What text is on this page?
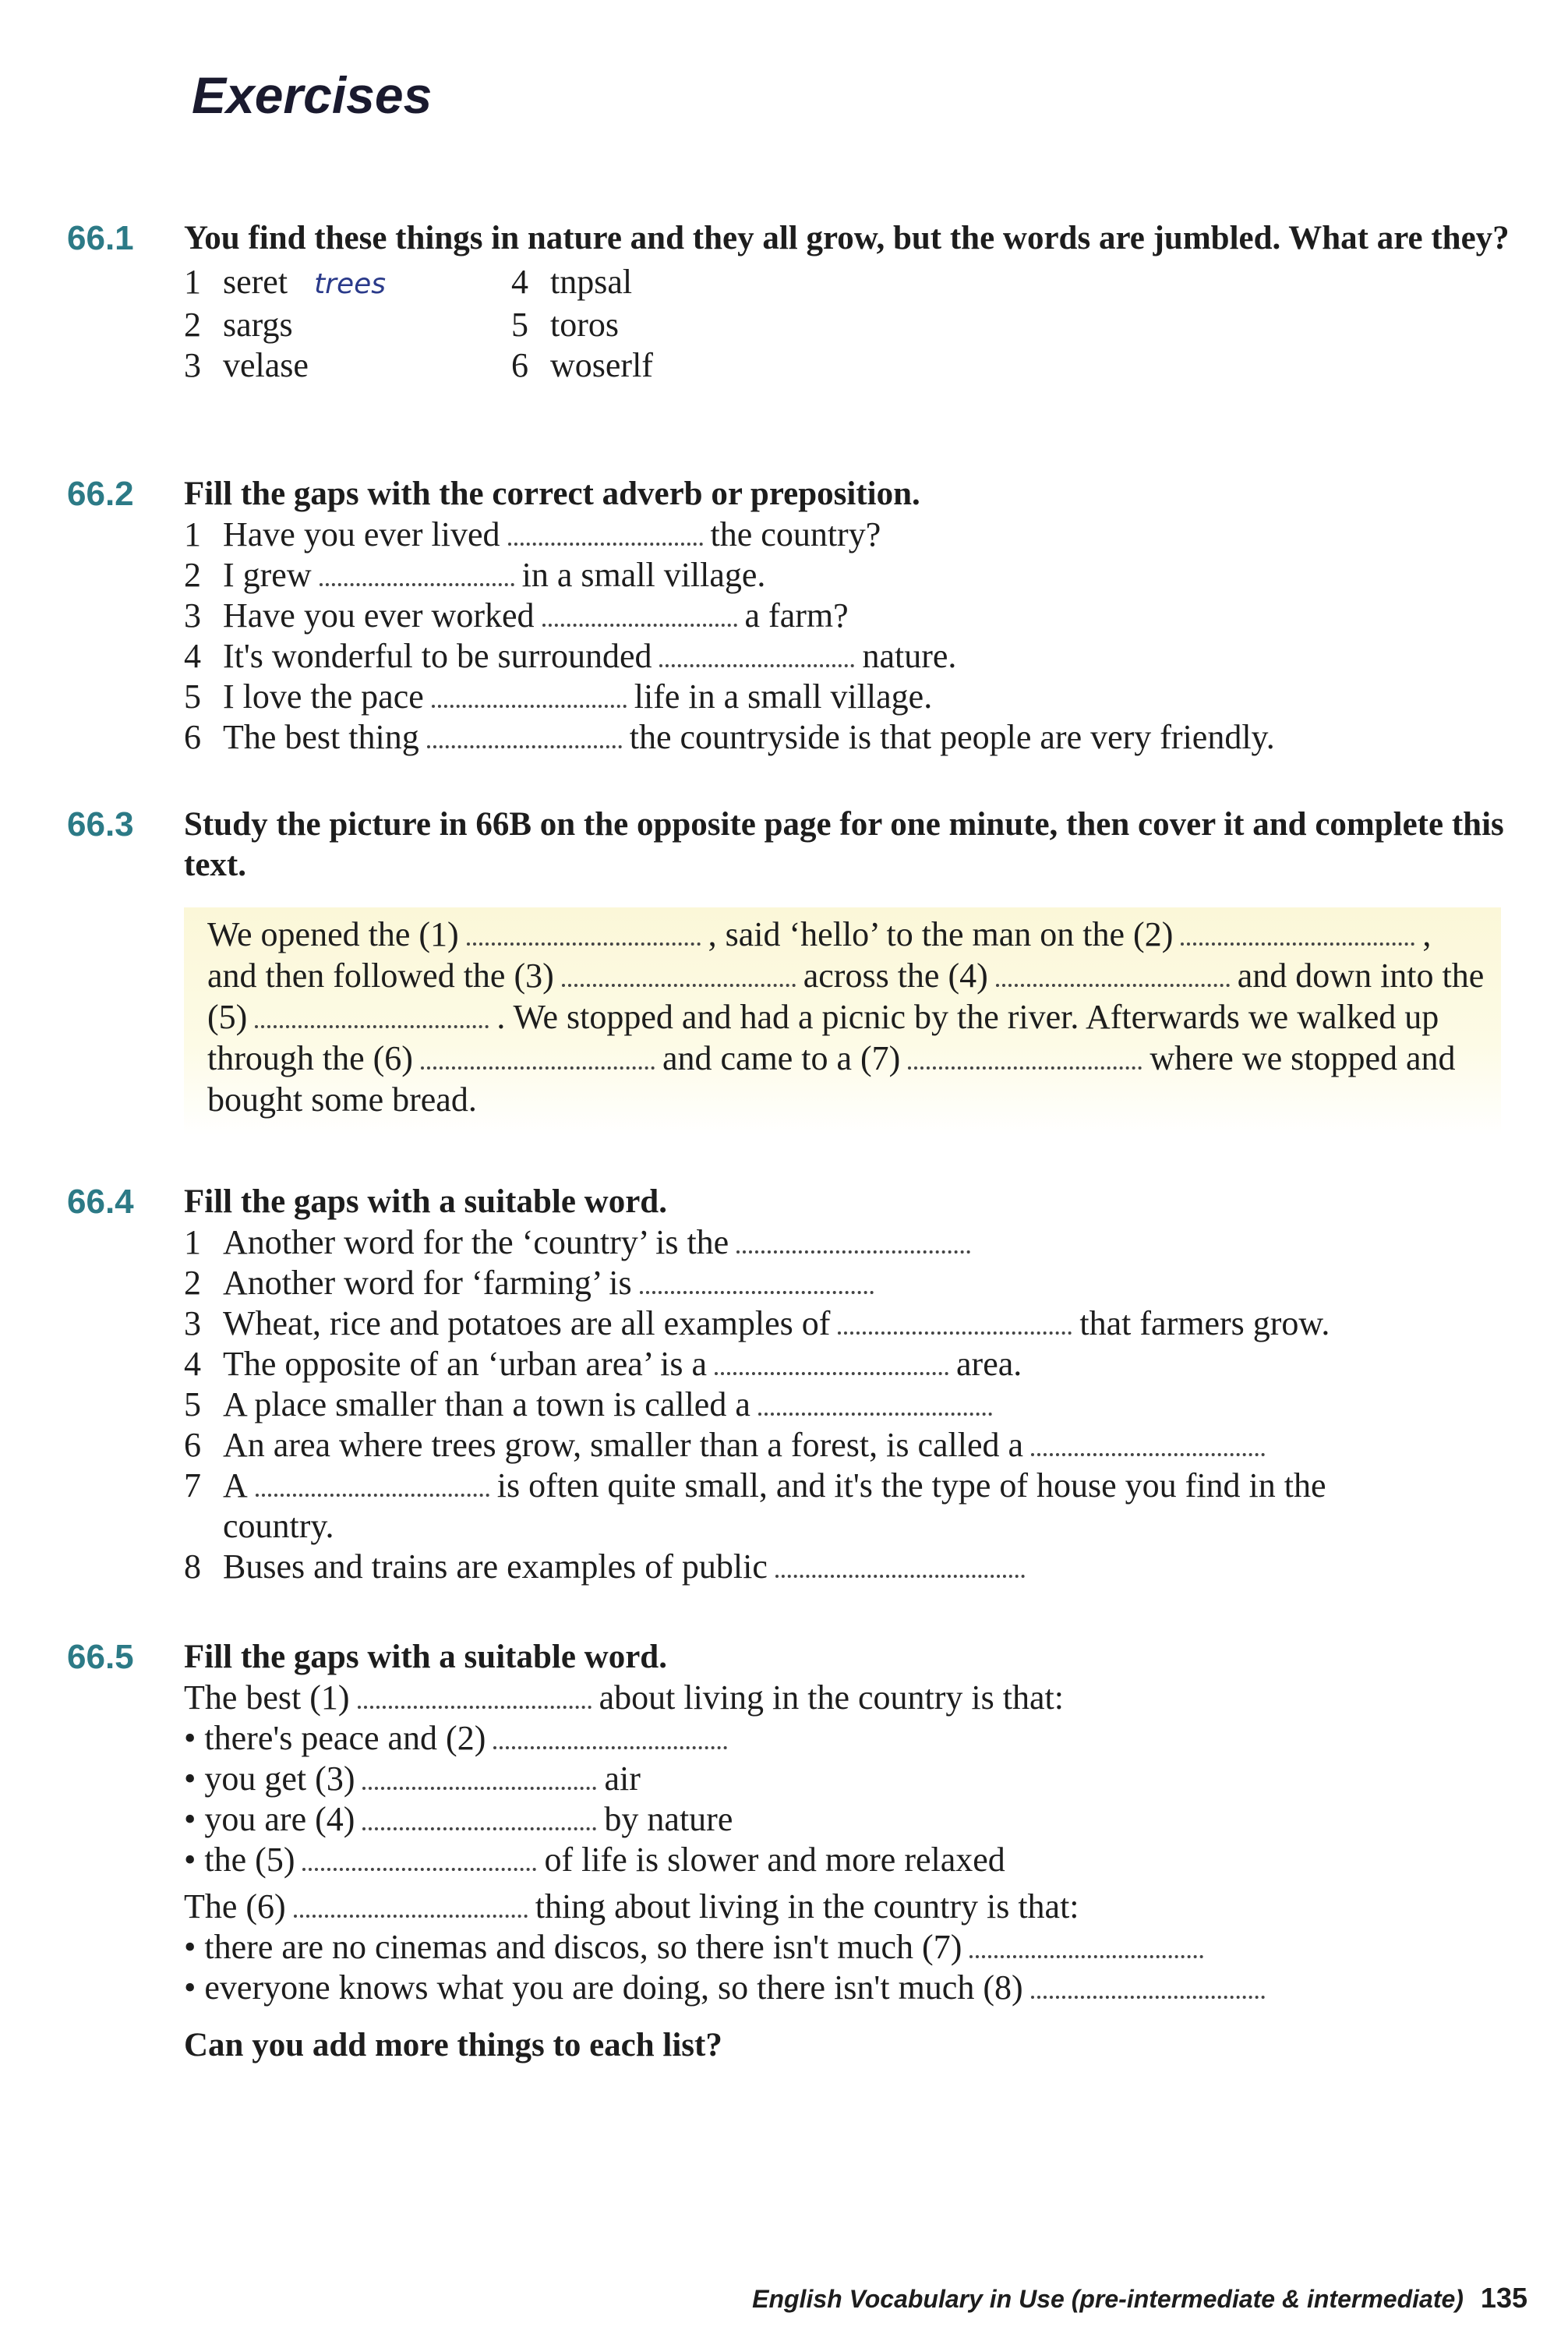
Exercises
66.1 You find these things in nature and they all grow, but the words are jumbled. What are they?
1 seret trees	4 tnpsal
2 sargs	5 toros
3 velase	6 woserlf
66.2 Fill the gaps with the correct adverb or preposition.
1 Have you ever lived	the country?
2 I grew	in a small village.
3 Have you ever worked	a farm?
4 It's wonderful to be surrounded	nature.
5 I love the pace	life in a small village.
6 The best thing	the countryside is that people are very friendly.
66.3 Study the picture in 66B on the opposite page for one minute, then cover it and complete this text.
We opened the (1)	, said ‘hello’ to the man on the (2)	, and then followed the (3)	across the (4)	and down into the (5)	. We stopped and had a picnic by the river. Afterwards we walked up through the (6)	and came to a (7)	where we stopped and bought some bread.
66.4 Fill the gaps with a suitable word.
1 Another word for the ‘country’ is the
2 Another word for ‘farming’ is
3 Wheat, rice and potatoes are all examples of	that farmers grow.
4 The opposite of an ‘urban area’ is a	area.
5 A place smaller than a town is called a
6 An area where trees grow, smaller than a forest, is called a
7 A	is often quite small, and it's the type of house you find in the
country.
8 Buses and trains are examples of public
66.5 Fill the gaps with a suitable word.
The best (1)	about living in the country is that:
• there's peace and (2)
• you get (3)	air
• you are (4)	by nature
• the (5)	of life is slower and more relaxed
The (6)	thing about living in the country is that:
• there are no cinemas and discos, so there isn't much (7)
• everyone knows what you are doing, so there isn't much (8)
Can you add more things to each list?
English Vocabulary in Use (pre-intermediate & intermediate) 135
